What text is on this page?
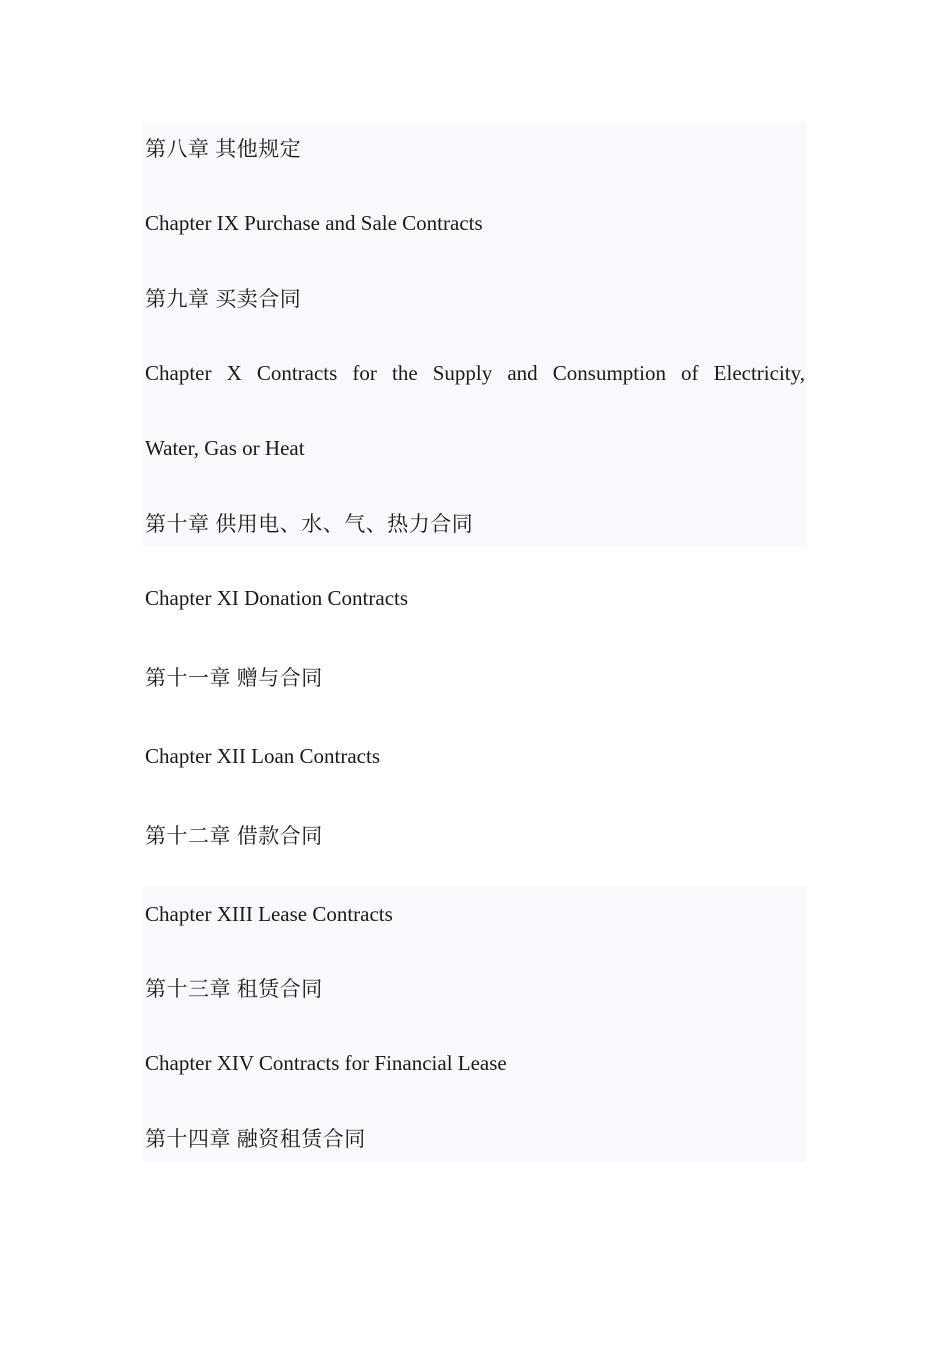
第八章 其他规定
Chapter IX Purchase and Sale Contracts
第九章 买卖合同
Chapter X Contracts for the Supply and Consumption of Electricity,
Water, Gas or Heat
第十章 供用电、水、气、热力合同
Chapter XI Donation Contracts
第十一章 赠与合同
Chapter XII Loan Contracts
第十二章 借款合同
Chapter XIII Lease Contracts
第十三章 租赁合同
Chapter XIV Contracts for Financial Lease
第十四章 融资租赁合同
